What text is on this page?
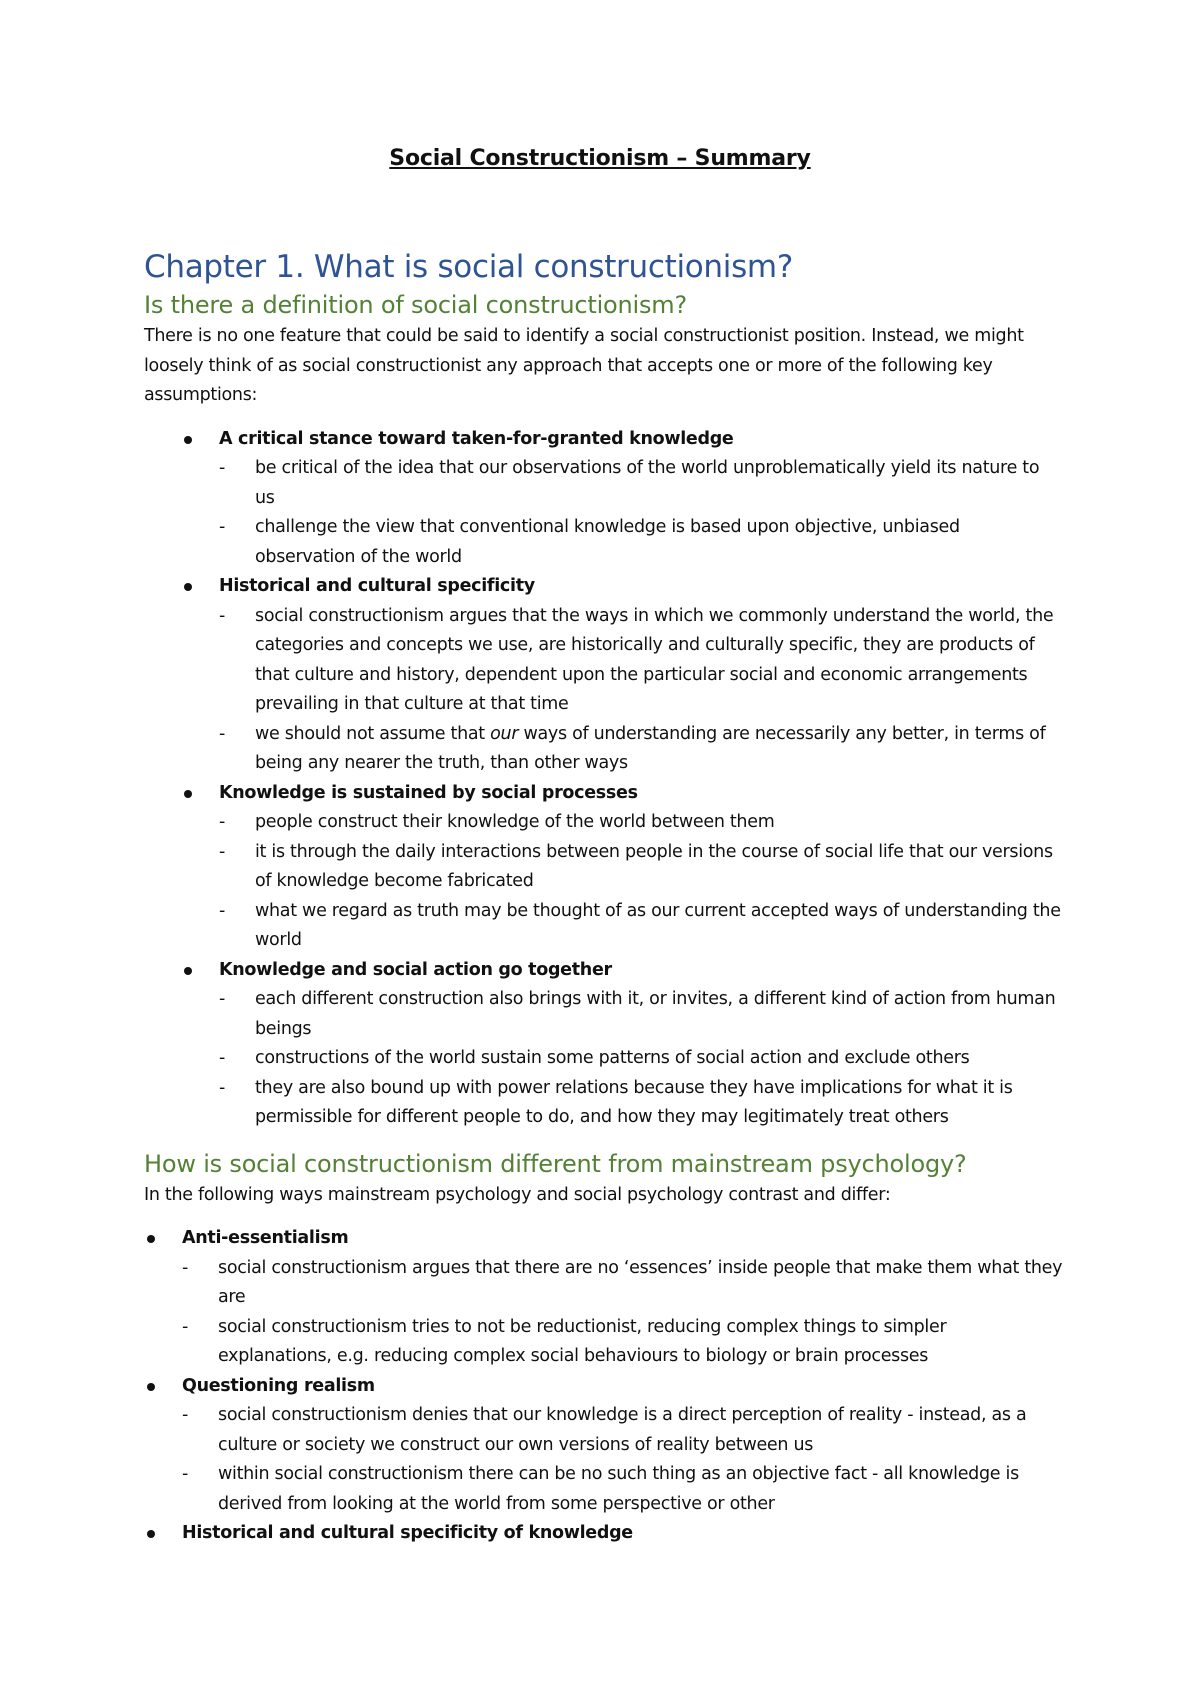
Social Constructionism – Summary
Chapter 1. What is social constructionism?
Is there a definition of social constructionism?

There is no one feature that could be said to identify a social constructionist position. Instead, we might loosely think of as social constructionist any approach that accepts one or more of the following key assumptions:

A critical stance toward taken-for-granted knowledge
- be critical of the idea that our observations of the world unproblematically yield its nature to us
- challenge the view that conventional knowledge is based upon objective, unbiased observation of the world
Historical and cultural specificity
- social constructionism argues that the ways in which we commonly understand the world, the categories and concepts we use, are historically and culturally specific, they are products of that culture and history, dependent upon the particular social and economic arrangements prevailing in that culture at that time
- we should not assume that our ways of understanding are necessarily any better, in terms of being any nearer the truth, than other ways
Knowledge is sustained by social processes
- people construct their knowledge of the world between them
- it is through the daily interactions between people in the course of social life that our versions of knowledge become fabricated
- what we regard as truth may be thought of as our current accepted ways of understanding the world
Knowledge and social action go together
- each different construction also brings with it, or invites, a different kind of action from human beings
- constructions of the world sustain some patterns of social action and exclude others
- they are also bound up with power relations because they have implications for what it is permissible for different people to do, and how they may legitimately treat others
How is social constructionism different from mainstream psychology?

In the following ways mainstream psychology and social psychology contrast and differ:

Anti-essentialism
- social constructionism argues that there are no ‘essences’ inside people that make them what they are
- social constructionism tries to not be reductionist, reducing complex things to simpler explanations, e.g. reducing complex social behaviours to biology or brain processes
Questioning realism
- social constructionism denies that our knowledge is a direct perception of reality - instead, as a culture or society we construct our own versions of reality between us
- within social constructionism there can be no such thing as an objective fact - all knowledge is derived from looking at the world from some perspective or other
Historical and cultural specificity of knowledge
